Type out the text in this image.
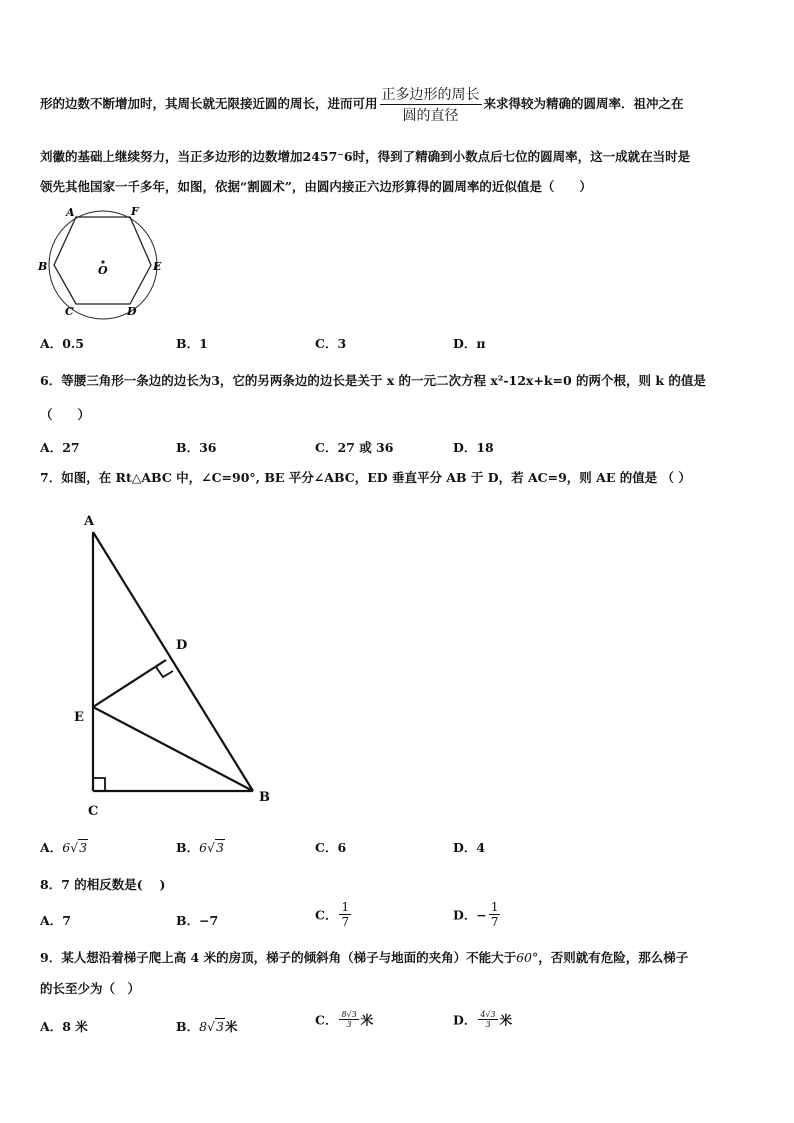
形的边数不断增加时，其周长就无限接近圆的周长，进而可用 $\frac{\text{正多边形的周长}}{\text{圆的直径}}$ 来求得较为精确的圆周率．祖冲之在
刘徽的基础上继续努力，当正多边形的边数增加2457⁻6时，得到了精确到小数点后七位的圆周率，这一成就在当时是
领先其他国家一千多年，如图，依据“割圆术”，由圆内接正六边形算得的圆周率的近似值是（　　）
A	F
B	O	E
C	D
A．0.5	B．1	C．3	D．π
6．等腰三角形一条边的边长为3，它的另两条边的边长是关于 x 的一元二次方程 x²-12x+k=0 的两个根，则 k 的值是
（　　）
A．27	B．36	C．27 或 36	D．18
7．如图，在 Rt△ABC 中，∠C=90°, BE 平分∠ABC，ED 垂直平分 AB 于 D，若 AC=9，则 AE 的值是 （ ）
A
D
E
C
B
A．6√3	B．6√3	C．6	D．4
8．7 的相反数是(　 )
A．7	B．−7	C． $\frac{1}{7}$	D．− $\frac{1}{7}$
9．某人想沿着梯子爬上高 4 米的房顶，梯子的倾斜角（梯子与地面的夹角）不能大于60°，否则就有危险，那么梯子
的长至少为（　）
A．8 米	B．8√3米	C． $\frac{8√3}{3}$ 米	D． $\frac{4√3}{3}$ 米
